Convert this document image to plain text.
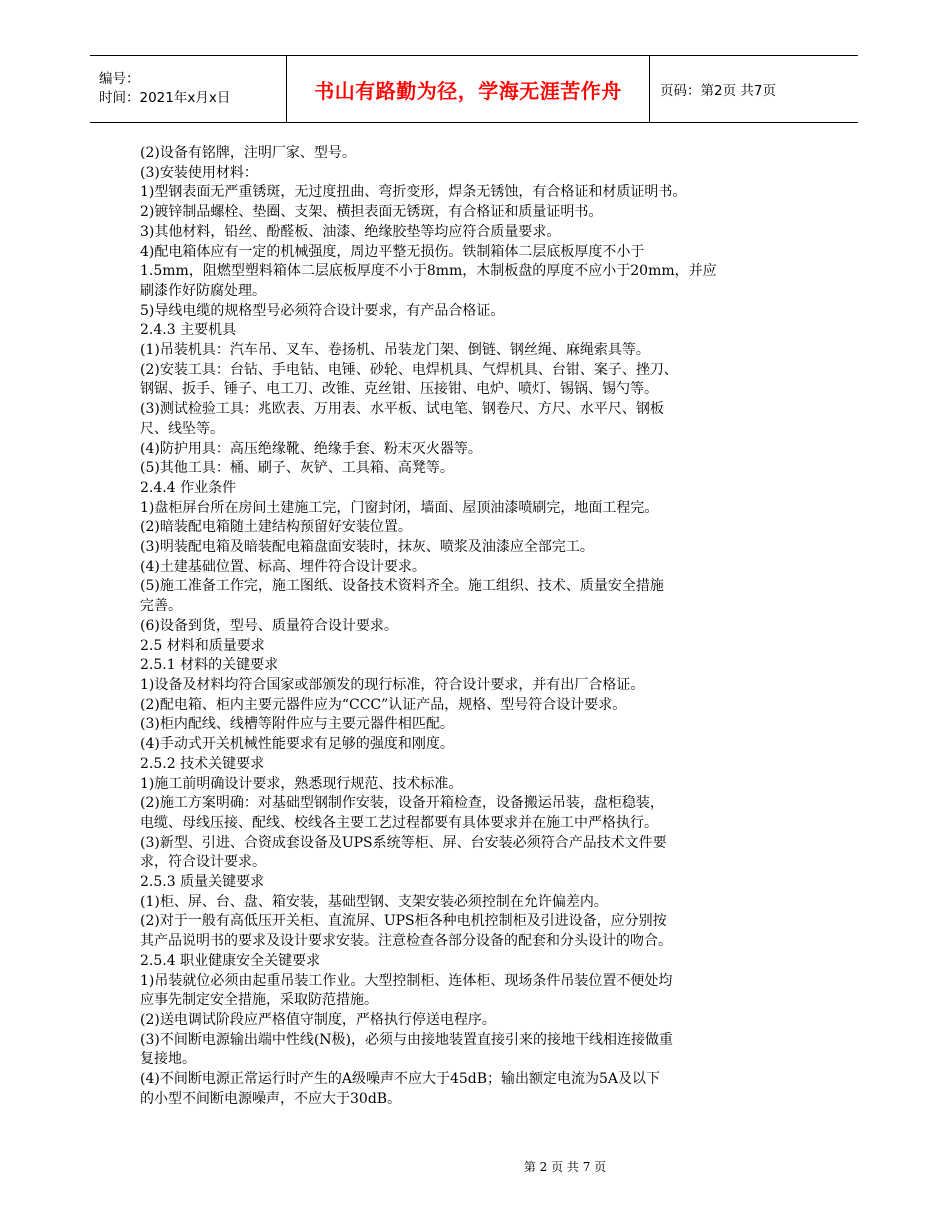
编号：
时间：2021年x月x日	书山有路勤为径，学海无涯苦作舟	页码：第2页 共7页
(2)设备有铭牌，注明厂家、型号。
(3)安装使用材料：
1)型钢表面无严重锈斑，无过度扭曲、弯折变形，焊条无锈蚀，有合格证和材质证明书。
2)镀锌制品螺栓、垫圈、支架、横担表面无锈斑，有合格证和质量证明书。
3)其他材料，铅丝、酚醛板、油漆、绝缘胶垫等均应符合质量要求。
4)配电箱体应有一定的机械强度，周边平整无损伤。铁制箱体二层底板厚度不小于
1.5mm，阻燃型塑料箱体二层底板厚度不小于8mm，木制板盘的厚度不应小于20mm，并应
刷漆作好防腐处理。
5)导线电缆的规格型号必须符合设计要求，有产品合格证。
2.4.3 主要机具
(1)吊装机具：汽车吊、叉车、卷扬机、吊装龙门架、倒链、钢丝绳、麻绳索具等。
(2)安装工具：台钻、手电钻、电锤、砂轮、电焊机具、气焊机具、台钳、案子、挫刀、
钢锯、扳手、锤子、电工刀、改锥、克丝钳、压接钳、电炉、喷灯、锡锅、锡勺等。
(3)测试检验工具：兆欧表、万用表、水平板、试电笔、钢卷尺、方尺、水平尺、钢板
尺、线坠等。
(4)防护用具：高压绝缘靴、绝缘手套、粉末灭火器等。
(5)其他工具：桶、刷子、灰铲、工具箱、高凳等。
2.4.4 作业条件
1)盘柜屏台所在房间土建施工完，门窗封闭，墙面、屋顶油漆喷刷完，地面工程完。
(2)暗装配电箱随土建结构预留好安装位置。
(3)明装配电箱及暗装配电箱盘面安装时，抹灰、喷浆及油漆应全部完工。
(4)土建基础位置、标高、埋件符合设计要求。
(5)施工准备工作完，施工图纸、设备技术资料齐全。施工组织、技术、质量安全措施
完善。
(6)设备到货，型号、质量符合设计要求。
2.5 材料和质量要求
2.5.1 材料的关键要求
1)设备及材料均符合国家或部颁发的现行标准，符合设计要求，并有出厂合格证。
(2)配电箱、柜内主要元器件应为“CCC”认证产品，规格、型号符合设计要求。
(3)柜内配线、线槽等附件应与主要元器件相匹配。
(4)手动式开关机械性能要求有足够的强度和刚度。
2.5.2 技术关键要求
1)施工前明确设计要求，熟悉现行规范、技术标准。
(2)施工方案明确：对基础型钢制作安装，设备开箱检查，设备搬运吊装，盘柜稳装，
电缆、母线压接、配线、校线各主要工艺过程都要有具体要求并在施工中严格执行。
(3)新型、引进、合资成套设备及UPS系统等柜、屏、台安装必须符合产品技术文件要
求，符合设计要求。
2.5.3 质量关键要求
(1)柜、屏、台、盘、箱安装，基础型钢、支架安装必须控制在允许偏差内。
(2)对于一般有高低压开关柜、直流屏、UPS柜各种电机控制柜及引进设备，应分别按
其产品说明书的要求及设计要求安装。注意检查各部分设备的配套和分头设计的吻合。
2.5.4 职业健康安全关键要求
1)吊装就位必须由起重吊装工作业。大型控制柜、连体柜、现场条件吊装位置不便处均
应事先制定安全措施，采取防范措施。
(2)送电调试阶段应严格值守制度，严格执行停送电程序。
(3)不间断电源输出端中性线(N极)，必须与由接地装置直接引来的接地干线相连接做重
复接地。
(4)不间断电源正常运行时产生的A级噪声不应大于45dB；输出额定电流为5A及以下
的小型不间断电源噪声，不应大于30dB。
第 2 页 共 7 页
